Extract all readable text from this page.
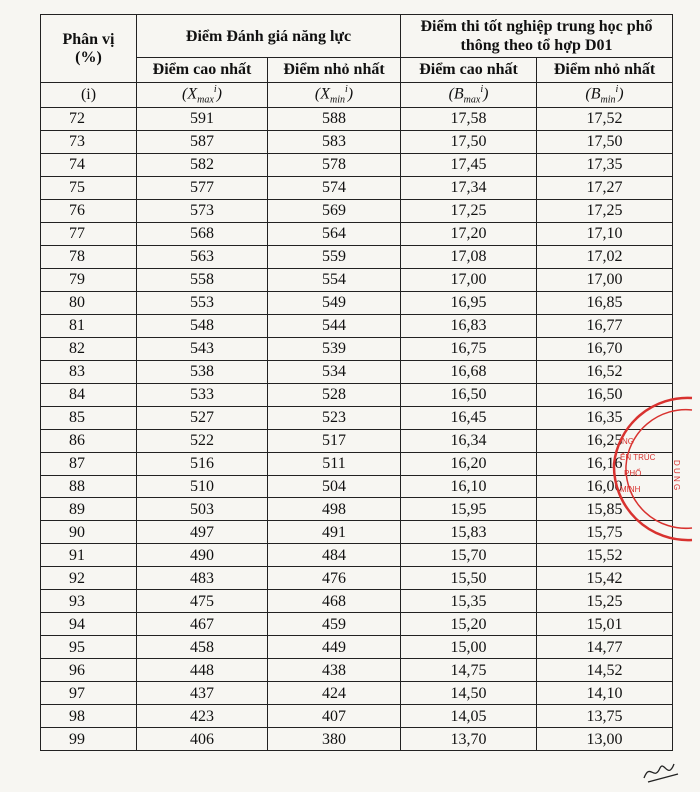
Phân vị
(%)	Điểm Đánh giá năng lực		Điểm thi tốt nghiệp trung học phổ thông theo tổ hợp D01	
	Điểm cao nhất	Điểm nhỏ nhất	Điểm cao nhất	Điểm nhỏ nhất
(i)	$(X_{max}^i)$	$(X_{min}^i)$	$(B_{max}^i)$	$(B_{min}^i)$
72	591	588	17,58	17,52
73	587	583	17,50	17,50
74	582	578	17,45	17,35
75	577	574	17,34	17,27
76	573	569	17,25	17,25
77	568	564	17,20	17,10
78	563	559	17,08	17,02
79	558	554	17,00	17,00
80	553	549	16,95	16,85
81	548	544	16,83	16,77
82	543	539	16,75	16,70
83	538	534	16,68	16,52
84	533	528	16,50	16,50
85	527	523	16,45	16,35
86	522	517	16,34	16,25
87	516	511	16,20	16,16
88	510	504	16,10	16,00
89	503	498	15,95	15,85
90	497	491	15,83	15,75
91	490	484	15,70	15,52
92	483	476	15,50	15,42
93	475	468	15,35	15,25
94	467	459	15,20	15,01
95	458	449	15,00	14,77
96	448	438	14,75	14,52
97	437	424	14,50	14,10
98	423	407	14,05	13,75
99	406	380	13,70	13,00
NG
ẾN TRÚC
PHỐ
MINH	D U N G
